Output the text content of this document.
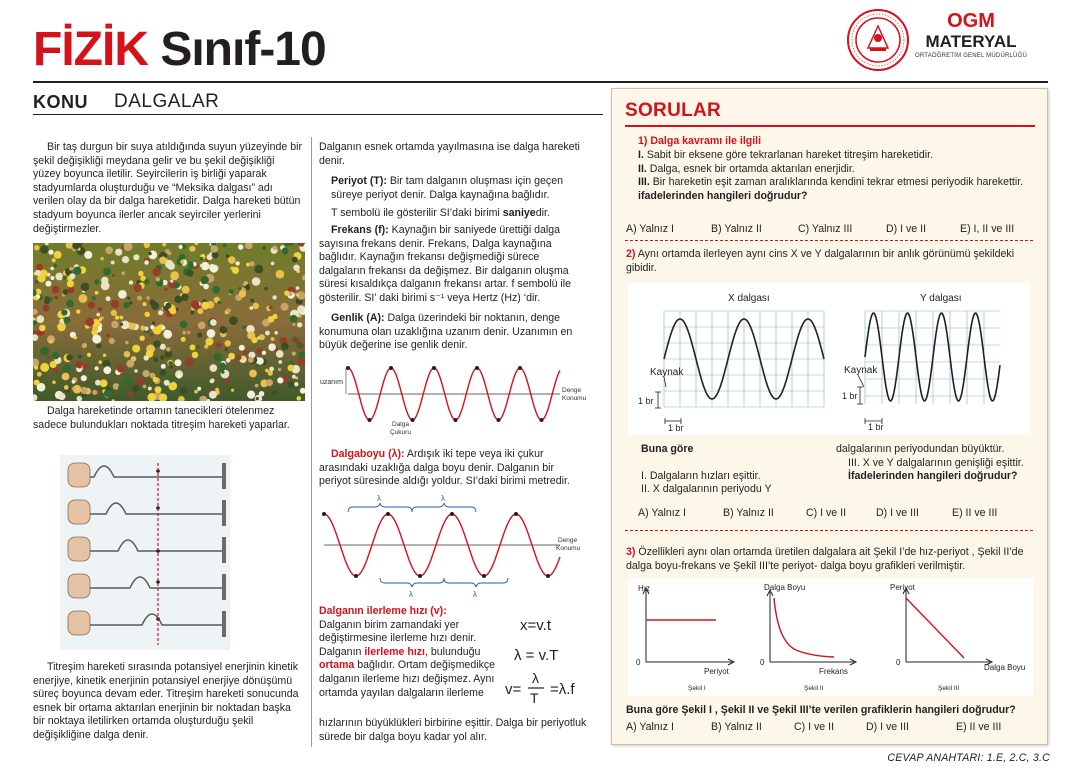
FİZİK Sınıf-10
OGM
MATERYAL
ORTAÖĞRETİM GENEL MÜDÜRLÜĞÜ
KONU DALGALAR
Bir taş durgun bir suya atıldığında suyun yüzeyinde bir şekil değişikliği meydana gelir ve bu şekil değişikliği yüzey boyunca iletilir. Seyircilerin iş birliği yaparak stadyumlarda oluşturduğu ve “Meksika dalgası” adı verilen olay da bir dalga hareketidir. Dalga hareketi bütün stadyum boyunca ilerler ancak seyirciler yerlerini değiştirmezler.
Dalga hareketinde ortamın tanecikleri ötelenmez sadece bulundukları noktada titreşim hareketi yaparlar.
Titreşim hareketi sırasında potansiyel enerjinin kinetik enerjiye, kinetik enerjinin potansiyel enerjiye dönüşümü süreç boyunca devam eder. Titreşim hareketi sonucunda esnek bir ortama aktarılan enerjinin bir noktadan başka bir noktaya iletilirken ortamda oluşturduğu şekil değişikliğine dalga denir.
Dalganın esnek ortamda yayılmasına ise dalga hareketi denir.
Periyot (T): Bir tam dalganın oluşması için geçen süreye periyot denir. Dalga kaynağına bağlıdır.
T sembolü ile gösterilir SI’daki birimi saniyedir.
Frekans (f): Kaynağın bir saniyede ürettiği dalga sayısına frekans denir. Frekans, Dalga kaynağına bağlıdır. Kaynağın frekansı değişmediği sürece dalgaların frekansı da değişmez. Bir dalganın oluşma süresi kısaldıkça dalganın frekansı artar. f sembolü ile gösterilir. SI’ daki birimi s⁻¹ veya Hertz (Hz) ‘dir.
Genlik (A): Dalga üzerindeki bir noktanın, denge konumuna olan uzaklığına uzanım denir. Uzanımın en büyük değerine ise genlik denir.
uzanım
Denge
Konumu
Dalga
Çukuru
Dalgaboyu (λ): Ardışık iki tepe veya iki çukur arasındaki uzaklığa dalga boyu denir. Dalganın bir periyot süresinde aldığı yoldur. SI’daki birimi metredir.
λ	λ
λ	λ
Denge
Konumu
Dalganın ilerleme hızı (v):
Dalganın birim zamandaki yer değiştirmesine ilerleme hızı denir. Dalganın ilerleme hızı, bulunduğu ortama bağlıdır. Ortam değişmedikçe dalganın ilerleme hızı değişmez. Aynı ortamda yayılan dalgaların ilerleme
hızlarının büyüklükleri birbirine eşittir. Dalga bir periyotluk sürede bir dalga boyu kadar yol alır.
x=v.t
λ = v.T
v=
λ
T =λ.f
SORULAR
1) Dalga kavramı ile ilgili
I. Sabit bir eksene göre tekrarlanan hareket titreşim hareketidir.
II. Dalga, esnek bir ortamda aktarılan enerjidir.
III. Bir hareketin eşit zaman aralıklarında kendini tekrar etmesi periyodik harekettir.
ifadelerinden hangileri doğrudur?
A) Yalnız I	B) Yalnız II	C) Yalnız III	D) I ve II	E) I, II ve III
2) Aynı ortamda ilerleyen aynı cins X ve Y dalgalarının bir anlık görünümü şekildeki gibidir.
X dalgası	Y dalgası
Kaynak	Kaynak
1 br	1 br
1 br	1 br
Buna göre
I. Dalgaların hızları eşittir.
II. X dalgalarının periyodu Y
dalgalarının periyodundan büyüktür.
III. X ve Y dalgalarının genişliği eşittir.
İfadelerinden hangileri doğrudur?
A) Yalnız I	B) Yalnız II	C) I ve II	D) I ve III	E) II ve III
3) Özellikleri aynı olan ortamda üretilen dalgalara ait Şekil I’de hız-periyot , Şekil II’de dalga boyu-frekans ve Şekil III’te periyot- dalga boyu grafikleri verilmiştir.
Hız
Periyot
0
Şekil I
Dalga Boyu
Frekans
0
Şekil II
Periyot
Dalga Boyu
0
Şekil III
Buna göre Şekil I , Şekil II ve Şekil III’te verilen grafiklerin hangileri doğrudur?
A) Yalnız I	B) Yalnız II	C) I ve II	D) I ve III	E) II ve III
CEVAP ANAHTARI: 1.E, 2.C, 3.C
